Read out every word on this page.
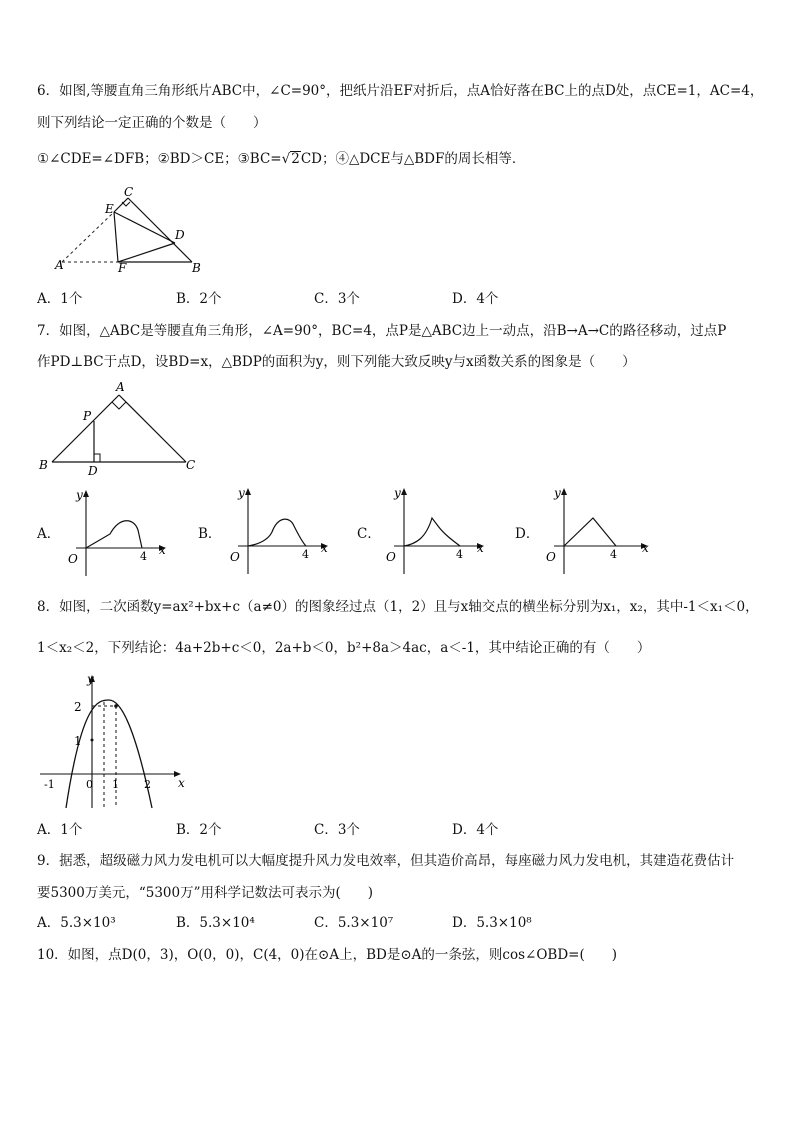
6．如图,等腰直角三角形纸片ABC中，∠C=90°，把纸片沿EF对折后，点A恰好落在BC上的点D处，点CE=1，AC=4，
则下列结论一定正确的个数是（　　）
①∠CDE=∠DFB；②BD＞CE；③BC=√2CD；④△DCE与△BDF的周长相等．
C
E
D
A	F	B
A．1个	B．2个	C．3个	D．4个
7．如图，△ABC是等腰直角三角形，∠A=90°，BC=4，点P是△ABC边上一动点，沿B→A→C的路径移动，过点P
作PD⊥BC于点D，设BD=x，△BDP的面积为y，则下列能大致反映y与x函数关系的图象是（　　）
A
P
B	D	C
A．
y
x
O	4
B．
y
x
O	4
C．
y
x
O	4
D．
y
x
O	4
8．如图，二次函数y=ax²+bx+c（a≠0）的图象经过点（1，2）且与x轴交点的横坐标分别为x₁，x₂，其中-1＜x₁＜0，
1＜x₂＜2，下列结论：4a+2b+c＜0，2a+b＜0，b²+8a＞4ac，a＜-1，其中结论正确的有（　　）
y
x
2
1
-1	0 1 2
A．1个	B．2个	C．3个	D．4个
9．据悉，超级磁力风力发电机可以大幅度提升风力发电效率，但其造价高昂，每座磁力风力发电机，其建造花费估计
要5300万美元，“5300万”用科学记数法可表示为(　　)
A．5.3×10³	B．5.3×10⁴	C．5.3×10⁷	D．5.3×10⁸
10．如图，点D(0，3)，O(0，0)，C(4，0)在⊙A上，BD是⊙A的一条弦，则cos∠OBD=(　　)
